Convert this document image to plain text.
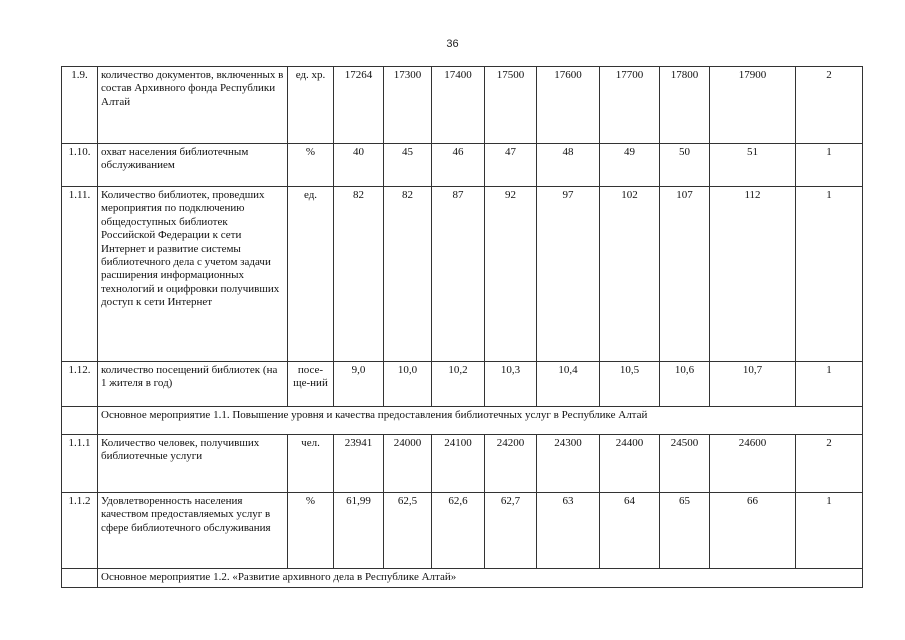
36
1.9.	количество документов, включенных в состав Архивного фонда Республики Алтай	ед. хр.	17264	17300	17400	17500	17600	17700	17800	17900	2
1.10.	охват населения библиотечным обслуживанием	%	40	45	46	47	48	49	50	51	1
1.11.	Количество библиотек, проведших мероприятия по подключению общедоступных библиотек Российской Федерации к сети Интернет и развитие системы библиотечного дела с учетом задачи расширения информационных технологий и оцифровки получивших доступ к сети Интернет	ед.	82	82	87	92	97	102	107	112	1
1.12.	количество посещений библиотек (на 1 жителя в год)	посе-ще-ний	9,0	10,0	10,2	10,3	10,4	10,5	10,6	10,7	1
	Основное мероприятие 1.1. Повышение уровня и качества предоставления библиотечных услуг в Республике Алтай										
1.1.1	Количество человек, получивших библиотечные услуги	чел.	23941	24000	24100	24200	24300	24400	24500	24600	2
1.1.2	Удовлетворенность населения качеством предоставляемых услуг в сфере библиотечного обслуживания	%	61,99	62,5	62,6	62,7	63	64	65	66	1
	Основное мероприятие 1.2. «Развитие архивного дела в Республике Алтай»										
